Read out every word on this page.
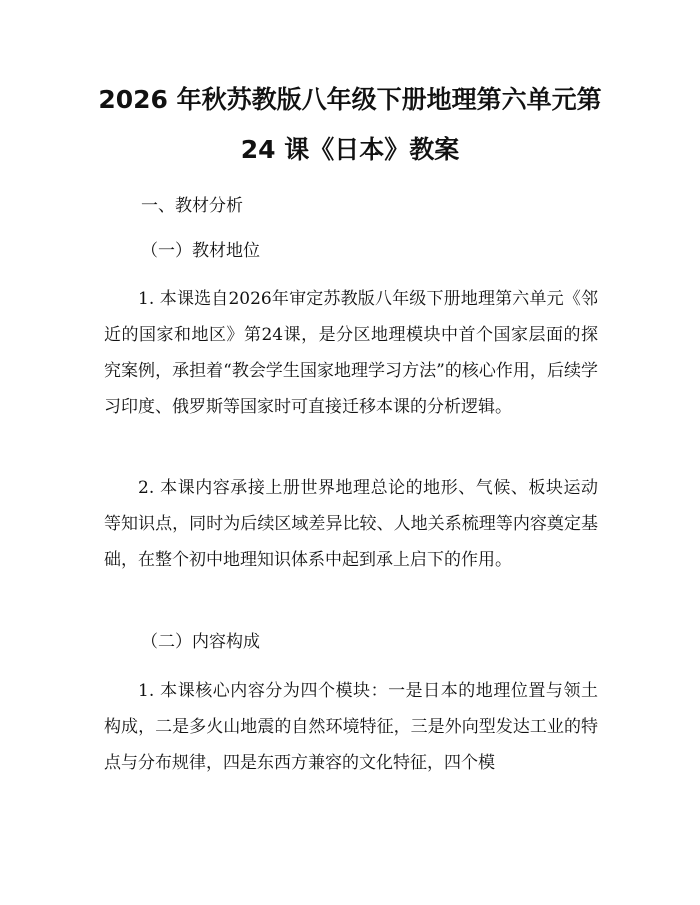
2026 年秋苏教版八年级下册地理第六单元第
24 课《日本》教案

一、教材分析

（一）教材地位

1. 本课选自2026年审定苏教版八年级下册地理第六单元《邻近的国家和地区》第24课，是分区地理模块中首个国家层面的探究案例，承担着“教会学生国家地理学习方法”的核心作用，后续学习印度、俄罗斯等国家时可直接迁移本课的分析逻辑。

2. 本课内容承接上册世界地理总论的地形、气候、板块运动等知识点，同时为后续区域差异比较、人地关系梳理等内容奠定基础，在整个初中地理知识体系中起到承上启下的作用。

（二）内容构成

1. 本课核心内容分为四个模块：一是日本的地理位置与领土构成，二是多火山地震的自然环境特征，三是外向型发达工业的特点与分布规律，四是东西方兼容的文化特征，四个模
